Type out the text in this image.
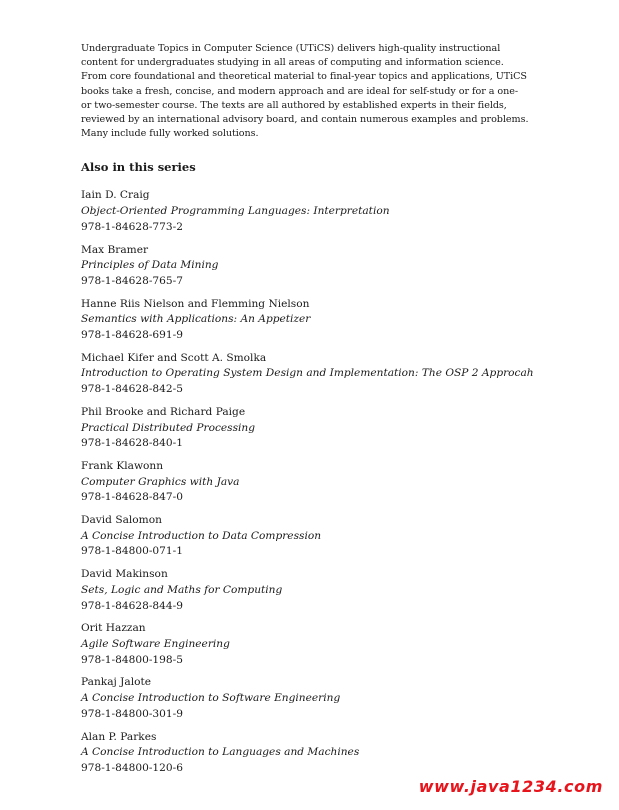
Undergraduate Topics in Computer Science (UTiCS) delivers high-quality instructional content for undergraduates studying in all areas of computing and information science. From core foundational and theoretical material to final-year topics and applications, UTiCS books take a fresh, concise, and modern approach and are ideal for self-study or for a one- or two-semester course. The texts are all authored by established experts in their fields, reviewed by an international advisory board, and contain numerous examples and problems. Many include fully worked solutions.

Also in this series
Iain D. Craig
Object-Oriented Programming Languages: Interpretation
978-1-84628-773-2
Max Bramer
Principles of Data Mining
978-1-84628-765-7
Hanne Riis Nielson and Flemming Nielson
Semantics with Applications: An Appetizer
978-1-84628-691-9
Michael Kifer and Scott A. Smolka
Introduction to Operating System Design and Implementation: The OSP 2 Approcah
978-1-84628-842-5
Phil Brooke and Richard Paige
Practical Distributed Processing
978-1-84628-840-1
Frank Klawonn
Computer Graphics with Java
978-1-84628-847-0
David Salomon
A Concise Introduction to Data Compression
978-1-84800-071-1
David Makinson
Sets, Logic and Maths for Computing
978-1-84628-844-9
Orit Hazzan
Agile Software Engineering
978-1-84800-198-5
Pankaj Jalote
A Concise Introduction to Software Engineering
978-1-84800-301-9
Alan P. Parkes
A Concise Introduction to Languages and Machines
978-1-84800-120-6
www.java1234.com
